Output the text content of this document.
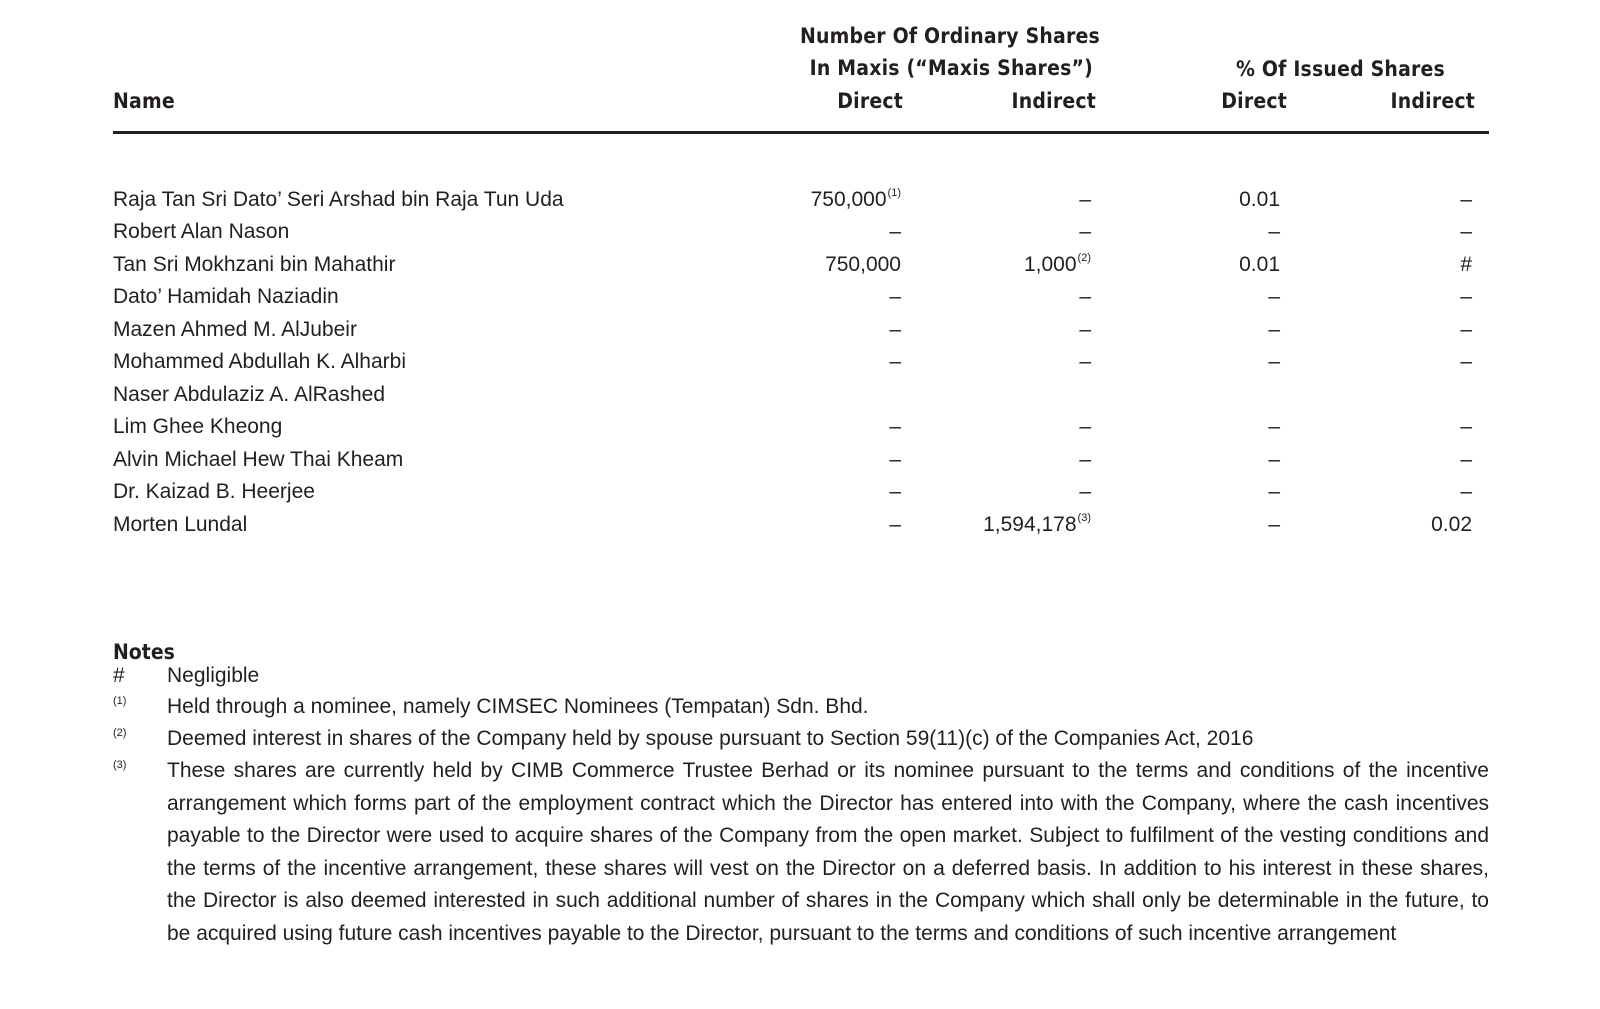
Number Of Ordinary Shares
In Maxis (“Maxis Shares”)	% Of Issued Shares
Name	Direct	Indirect	Direct	Indirect
Raja Tan Sri Dato’ Seri Arshad bin Raja Tun Uda	750,000$^{(1)}$	–	0.01	–
Robert Alan Nason	–	–	–	–
Tan Sri Mokhzani bin Mahathir	750,000	1,000$^{(2)}$	0.01	#
Dato’ Hamidah Naziadin	–	–	–	–
Mazen Ahmed M. AlJubeir	–	–	–	–
Mohammed Abdullah K. Alharbi	–	–	–	–
Naser Abdulaziz A. AlRashed
Lim Ghee Kheong	–	–	–	–
Alvin Michael Hew Thai Kheam	–	–	–	–
Dr. Kaizad B. Heerjee	–	–	–	–
Morten Lundal	–	1,594,178$^{(3)}$	–	0.02
Notes
#	Negligible
(1)	Held through a nominee, namely CIMSEC Nominees (Tempatan) Sdn. Bhd.
(2)	Deemed interest in shares of the Company held by spouse pursuant to Section 59(11)(c) of the Companies Act, 2016
(3)	These shares are currently held by CIMB Commerce Trustee Berhad or its nominee pursuant to the terms and conditions of the incentive arrangement which forms part of the employment contract which the Director has entered into with the Company, where the cash incentives payable to the Director were used to acquire shares of the Company from the open market. Subject to fulfilment of the vesting conditions and the terms of the incentive arrangement, these shares will vest on the Director on a deferred basis. In addition to his interest in these shares, the Director is also deemed interested in such additional number of shares in the Company which shall only be determinable in the future, to be acquired using future cash incentives payable to the Director, pursuant to the terms and conditions of such incentive arrangement
